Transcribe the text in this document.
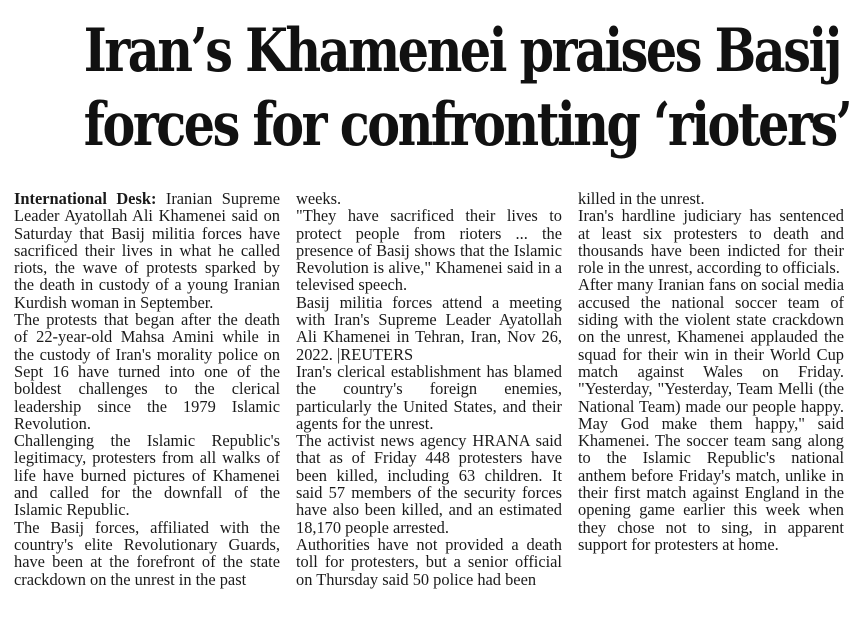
Iran’s Khamenei praises Basij
forces for confronting ‘rioters’

International Desk: Iranian Supreme Leader Ayatollah Ali Khamenei said on Saturday that Basij militia forces have sacrificed their lives in what he called riots, the wave of protests sparked by the death in custody of a young Iranian Kurdish woman in September.

The protests that began after the death of 22-year-old Mahsa Amini while in the custody of Iran's morality police on Sept 16 have turned into one of the boldest challenges to the clerical leadership since the 1979 Islamic Revolution.

Challenging the Islamic Republic's legitimacy, protesters from all walks of life have burned pictures of Khamenei and called for the downfall of the Islamic Republic.

The Basij forces, affiliated with the country's elite Revolutionary Guards, have been at the forefront of the state crackdown on the unrest in the past

weeks.

"They have sacrificed their lives to protect people from rioters ... the presence of Basij shows that the Islamic Revolution is alive," Khamenei said in a televised speech.

Basij militia forces attend a meeting with Iran's Supreme Leader Ayatollah Ali Khamenei in Tehran, Iran, Nov 26, 2022. |REUTERS

Iran's clerical establishment has blamed the country's foreign enemies, particularly the United States, and their agents for the unrest.

The activist news agency HRANA said that as of Friday 448 protesters have been killed, including 63 children. It said 57 members of the security forces have also been killed, and an estimated 18,170 people arrested.

Authorities have not provided a death toll for protesters, but a senior official on Thursday said 50 police had been

killed in the unrest.

Iran's hardline judiciary has sentenced at least six protesters to death and thousands have been indicted for their role in the unrest, according to officials.

After many Iranian fans on social media accused the national soccer team of siding with the violent state crackdown on the unrest, Khamenei applauded the squad for their win in their World Cup match against Wales on Friday. "Yesterday, "Yesterday, Team Melli (the National Team) made our people happy. May God make them happy," said Khamenei. The soccer team sang along to the Islamic Republic's national anthem before Friday's match, unlike in their first match against England in the opening game earlier this week when they chose not to sing, in apparent support for protesters at home.
